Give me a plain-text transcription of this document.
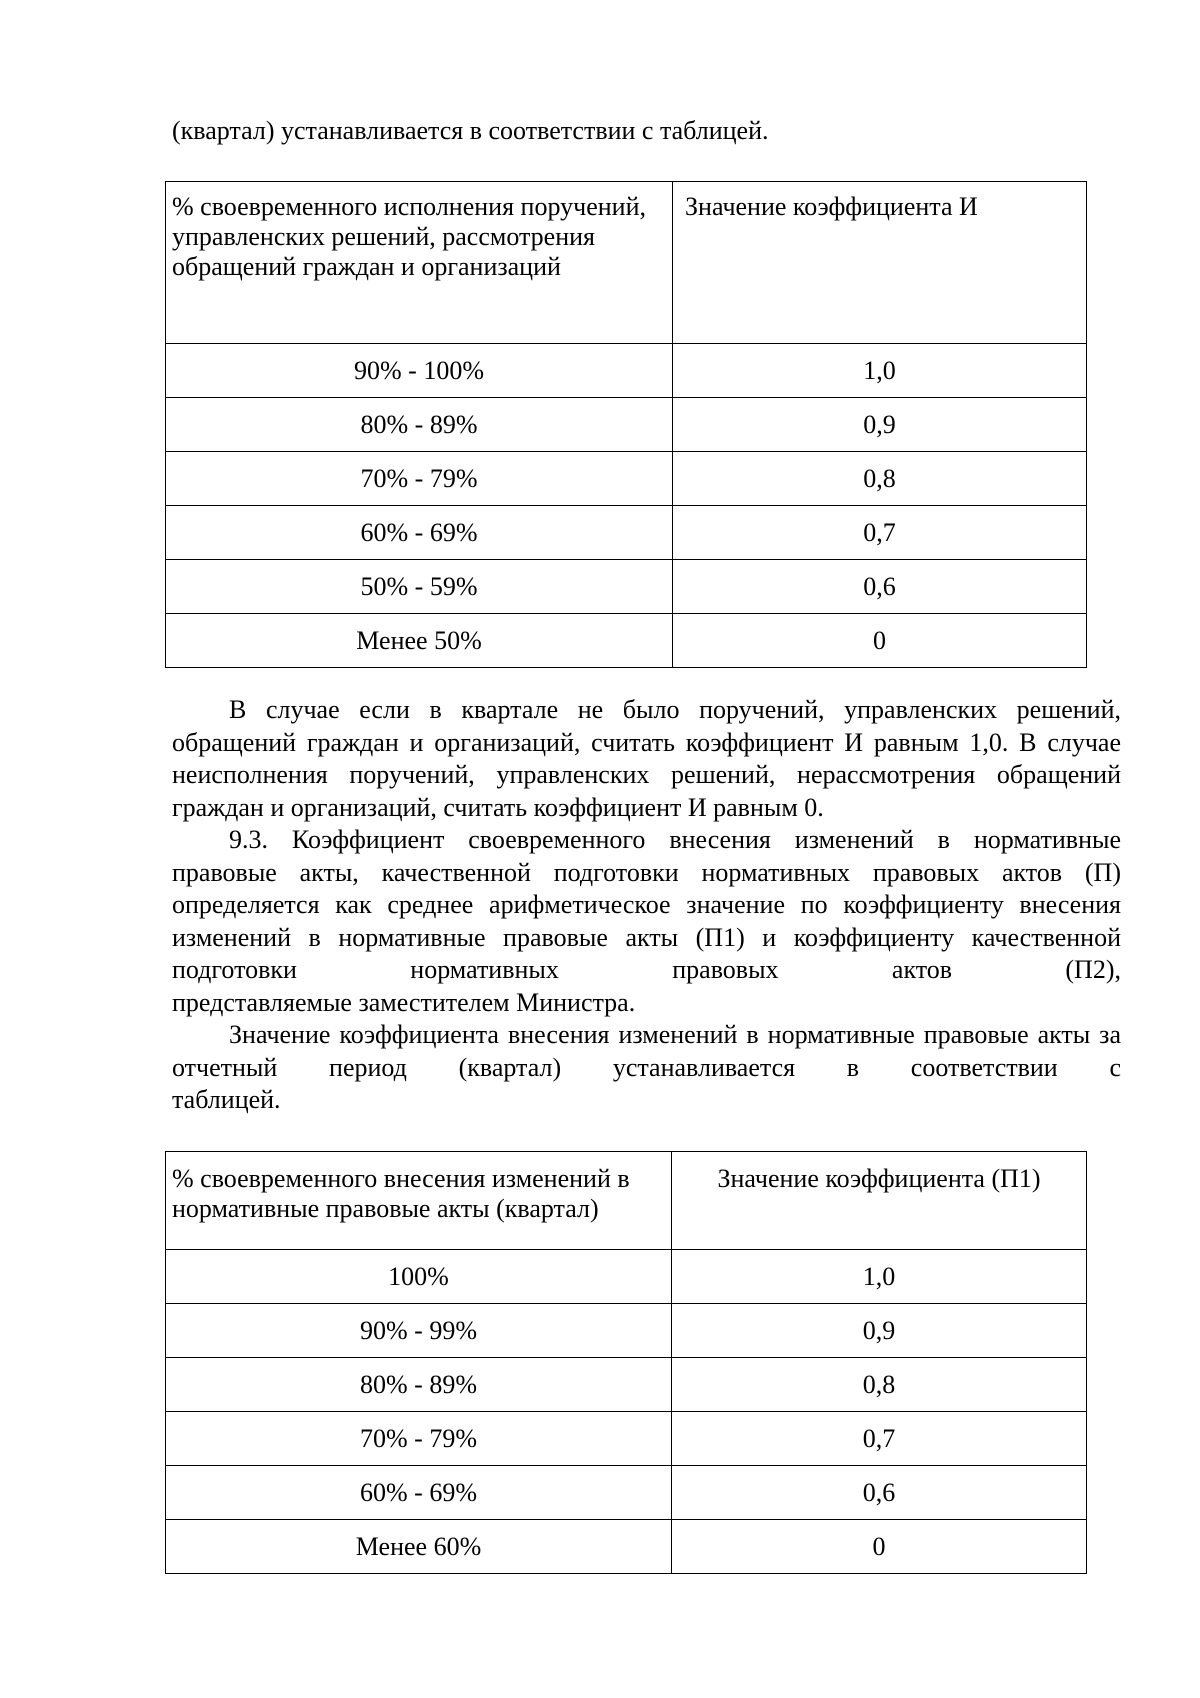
(квартал) устанавливается в соответствии с таблицей.
% своевременного исполнения поручений, управленских решений, рассмотрения обращений граждан и организаций	Значение коэффициента И
90% - 100%	1,0
80% - 89%	0,9
70% - 79%	0,8
60% - 69%	0,7
50% - 59%	0,6
Менее 50%	0

В случае если в квартале не было поручений, управленских решений, обращений граждан и организаций, считать коэффициент И равным 1,0. В случае неисполнения поручений, управленских решений, нерассмотрения обращений граждан и организаций, считать коэффициент И равным 0.

9.3. Коэффициент своевременного внесения изменений в нормативные правовые акты, качественной подготовки нормативных правовых актов (П) определяется как среднее арифметическое значение по коэффициенту внесения изменений в нормативные правовые акты (П1) и коэффициенту качественной подготовки нормативных правовых актов (П2),

представляемые заместителем Министра.

Значение коэффициента внесения изменений в нормативные правовые акты за отчетный период (квартал) устанавливается в соответствии с

таблицей.
% своевременного внесения изменений в нормативные правовые акты (квартал)	Значение коэффициента (П1)
100%	1,0
90% - 99%	0,9
80% - 89%	0,8
70% - 79%	0,7
60% - 69%	0,6
Менее 60%	0
